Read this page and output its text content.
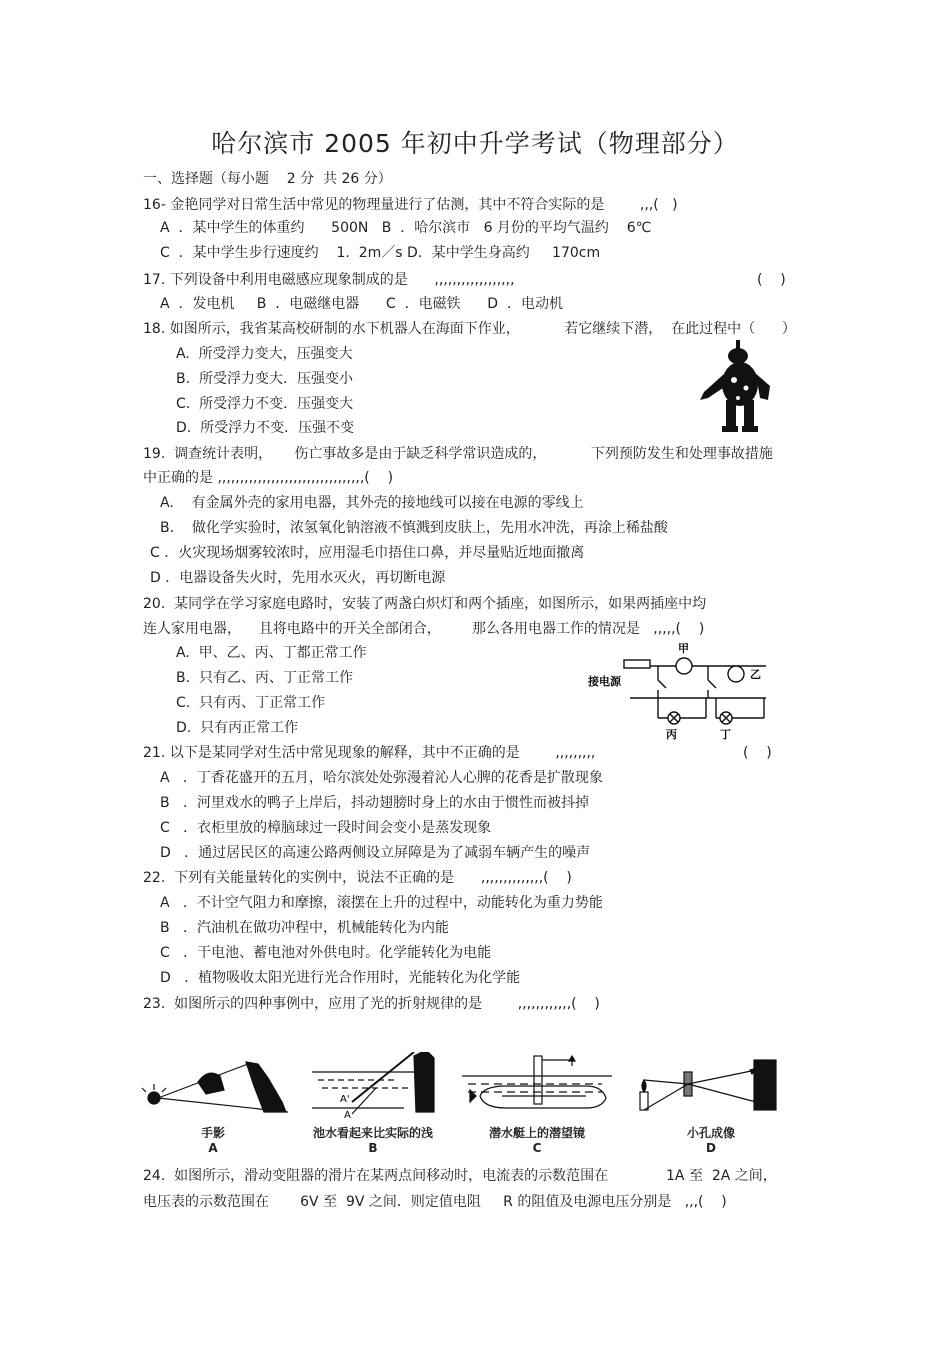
哈尔滨市 2005 年初中升学考试（物理部分）
一、选择题（每小题    2 分  共 26 分）
16- 金艳同学对日常生活中常见的物理量进行了估测，其中不符合实际的是        ,,,(   )
A  ．某中学生的体重约      500N   B  ．哈尔滨市   6 月份的平均气温约    6℃
C  ．某中学生步行速度约    1.  2m／s D．某中学生身高约     170cm
17. 下列设备中利用电磁感应现象制成的是      ,,,,,,,,,,,,,,,,,,	(    )
A  ．发电机     B  ．电磁继电器      C  ．电磁铁      D  ．电动机
18. 如图所示，我省某高校研制的水下机器人在海面下作业，          若它继续下潜，  在此过程中（      ）
A.  所受浮力变大，压强变大
B.  所受浮力变大．压强变小
C.  所受浮力不变．压强变大
D.  所受浮力不变．压强不变
19.  调查统计表明，     伤亡事故多是由于缺乏科学常识造成的，          下列预防发生和处理事故措施
中正确的是 ,,,,,,,,,,,,,,,,,,,,,,,,,,,,,,,,,(    )
A.    有金属外壳的家用电器，其外壳的接地线可以接在电源的零线上
B.    做化学实验时，浓氢氧化钠溶液不慎溅到皮肤上，先用水冲洗，再涂上稀盐酸
C ．火灾现场烟雾较浓时，应用湿毛巾捂住口鼻，并尽量贴近地面撤离
D ．电器设备失火时，先用水灭火，再切断电源
20.  某同学在学习家庭电路时，安装了两盏白炽灯和两个插座，如图所示，如果两插座中均
连人家用电器，    且将电路中的开关全部闭合，       那么各用电器工作的情况是   ,,,,,(    )
A.  甲、乙、丙、丁都正常工作
B.  只有乙、丙、丁正常工作
C.  只有丙、丁正常工作
D.  只有丙正常工作
接电源
甲
乙
丙	丁
21. 以下是某同学对生活中常见现象的解释，其中不正确的是        ,,,,,,,,,	(    )
A   ．丁香花盛开的五月，哈尔滨处处弥漫着沁人心脾的花香是扩散现象
B   ．河里戏水的鸭子上岸后，抖动翅膀时身上的水由于惯性而被抖掉
C   ．衣柜里放的樟脑球过一段时间会变小是蒸发现象
D   ．通过居民区的高速公路两侧设立屏障是为了减弱车辆产生的噪声
22.  下列有关能量转化的实例中，说法不正确的是      ,,,,,,,,,,,,,,(    )
A   ．不计空气阻力和摩擦，滚摆在上升的过程中，动能转化为重力势能
B   ．汽油机在做功冲程中，机械能转化为内能
C   ．干电池、蓄电池对外供电时。化学能转化为电能
D   ．植物吸收太阳光进行光合作用时，光能转化为化学能
23.  如图所示的四种事例中，应用了光的折射规律的是        ,,,,,,,,,,,,(    )
手影
A
A'
A
池水看起来比实际的浅
B
潜水艇上的潜望镜
C
小孔成像
D
24.  如图所示，滑动变阻器的滑片在某两点间移动时，电流表的示数范围在             1A 至  2A 之间，
电压表的示数范围在       6V 至  9V 之间．则定值电阻     R 的阻值及电源电压分别是   ,,,(    )
